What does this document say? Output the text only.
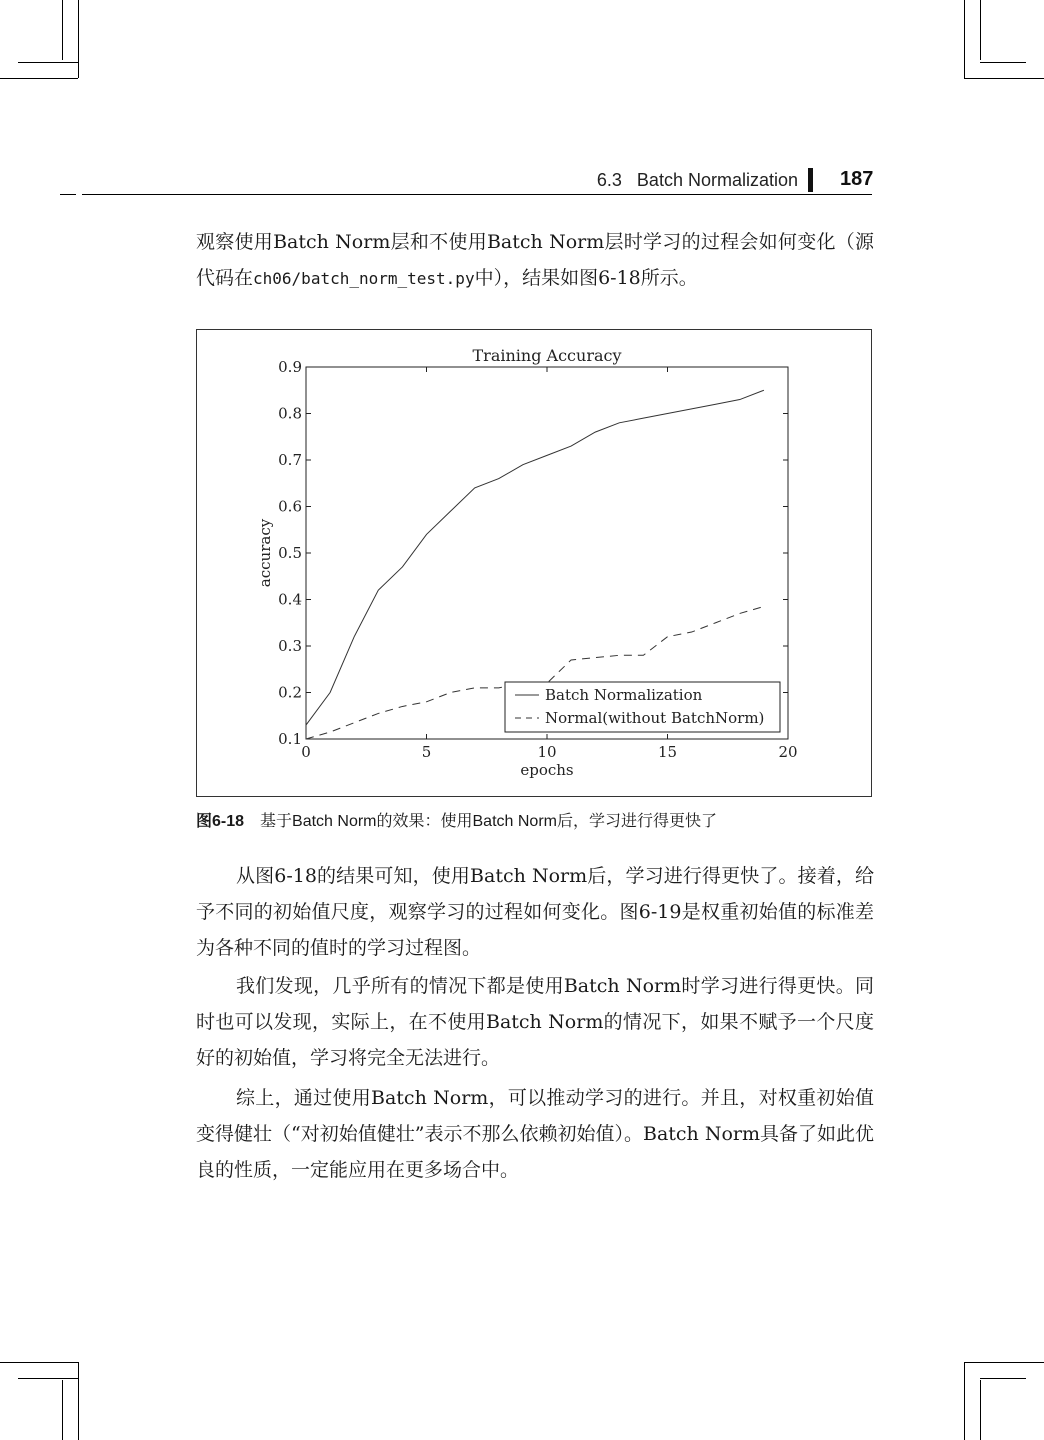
6.3 Batch Normalization 187

观察使用Batch Norm层和不使用Batch Norm层时学习的过程会如何变化（源代码在ch06/batch_norm_test.py中），结果如图6-18所示。

Batch Normalization
Normal(without BatchNorm)
0	5	10	15	20
0.1
0.2
0.3
0.4
0.5
0.6
0.7
0.8
0.9
Training Accuracy
epochs
accuracy
图6-18 基于Batch Norm的效果：使用Batch Norm后，学习进行得更快了

从图6-18的结果可知，使用Batch Norm后，学习进行得更快了。接着，给予不同的初始值尺度，观察学习的过程如何变化。图6-19是权重初始值的标准差为各种不同的值时的学习过程图。

我们发现，几乎所有的情况下都是使用Batch Norm时学习进行得更快。同时也可以发现，实际上，在不使用Batch Norm的情况下，如果不赋予一个尺度好的初始值，学习将完全无法进行。

综上，通过使用Batch Norm，可以推动学习的进行。并且，对权重初始值变得健壮（“对初始值健壮”表示不那么依赖初始值）。Batch Norm具备了如此优良的性质，一定能应用在更多场合中。
